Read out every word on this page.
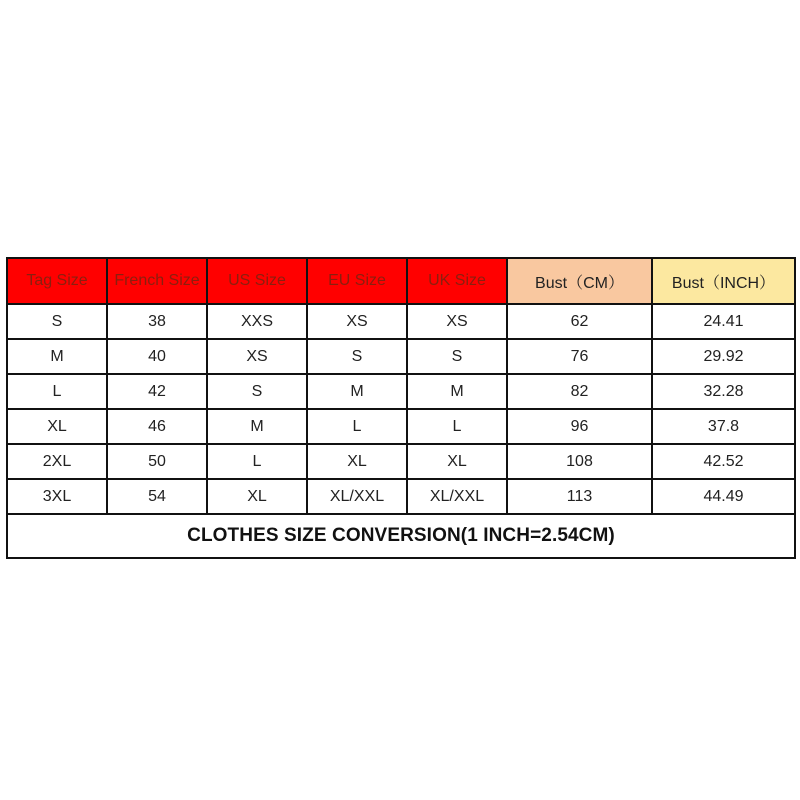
Tag Size	French Size	US Size	EU Size	UK Size	Bust（CM）	Bust（INCH）
S	38	XXS	XS	XS	62	24.41
M	40	XS	S	S	76	29.92
L	42	S	M	M	82	32.28
XL	46	M	L	L	96	37.8
2XL	50	L	XL	XL	108	42.52
3XL	54	XL	XL/XXL	XL/XXL	113	44.49
CLOTHES SIZE CONVERSION(1 INCH=2.54CM)						
